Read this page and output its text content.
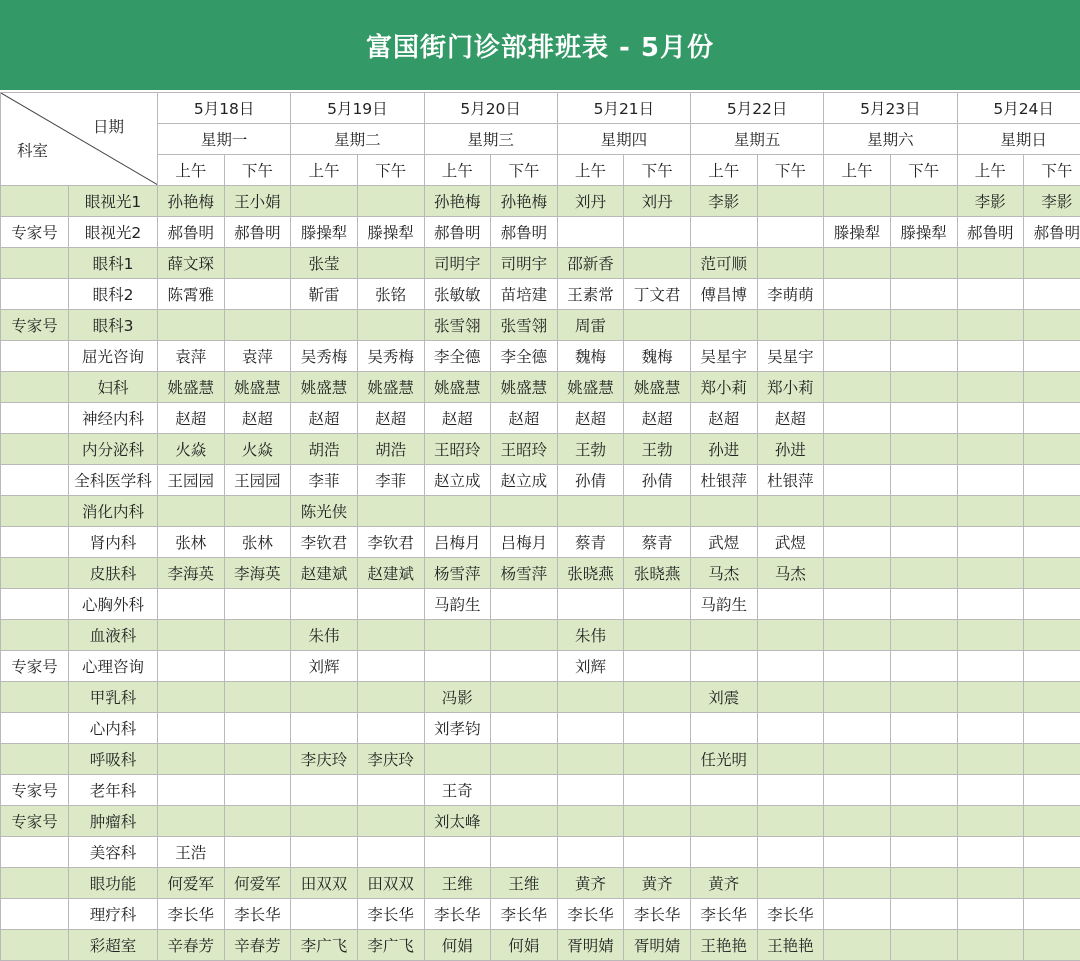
富国街门诊部排班表 - 5月份
日期
科室		5月18日		5月19日		5月20日		5月21日		5月22日		5月23日		5月24日	
		星期一		星期二		星期三		星期四		星期五		星期六		星期日	
		上午	下午	上午	下午	上午	下午	上午	下午	上午	下午	上午	下午	上午	下午
	眼视光1	孙艳梅	王小娟			孙艳梅	孙艳梅	刘丹	刘丹	李影				李影	李影
专家号	眼视光2	郝鲁明	郝鲁明	滕操犁	滕操犁	郝鲁明	郝鲁明					滕操犁	滕操犁	郝鲁明	郝鲁明
	眼科1	薛文琛		张莹		司明宇	司明宇	邵新香		范可顺					
	眼科2	陈霄雅		靳雷	张铭	张敏敏	苗培建	王素常	丁文君	傅昌博	李萌萌				
专家号	眼科3					张雪翎	张雪翎	周雷							
	屈光咨询	袁萍	袁萍	吴秀梅	吴秀梅	李全德	李全德	魏梅	魏梅	吴星宇	吴星宇				
	妇科	姚盛慧	姚盛慧	姚盛慧	姚盛慧	姚盛慧	姚盛慧	姚盛慧	姚盛慧	郑小莉	郑小莉				
	神经内科	赵超	赵超	赵超	赵超	赵超	赵超	赵超	赵超	赵超	赵超				
	内分泌科	火焱	火焱	胡浩	胡浩	王昭玲	王昭玲	王勃	王勃	孙进	孙进				
	全科医学科	王园园	王园园	李菲	李菲	赵立成	赵立成	孙倩	孙倩	杜银萍	杜银萍				
	消化内科			陈光侠											
	肾内科	张林	张林	李钦君	李钦君	吕梅月	吕梅月	蔡青	蔡青	武煜	武煜				
	皮肤科	李海英	李海英	赵建斌	赵建斌	杨雪萍	杨雪萍	张晓燕	张晓燕	马杰	马杰				
	心胸外科					马韵生				马韵生					
	血液科			朱伟				朱伟							
专家号	心理咨询			刘辉				刘辉							
	甲乳科					冯影				刘震					
	心内科					刘孝钧									
	呼吸科			李庆玲	李庆玲					任光明					
专家号	老年科					王奇									
专家号	肿瘤科					刘太峰									
	美容科	王浩													
	眼功能	何爱军	何爱军	田双双	田双双	王维	王维	黄齐	黄齐	黄齐					
	理疗科	李长华	李长华		李长华	李长华	李长华	李长华	李长华	李长华	李长华				
	彩超室	辛春芳	辛春芳	李广飞	李广飞	何娟	何娟	胥明婧	胥明婧	王艳艳	王艳艳				
